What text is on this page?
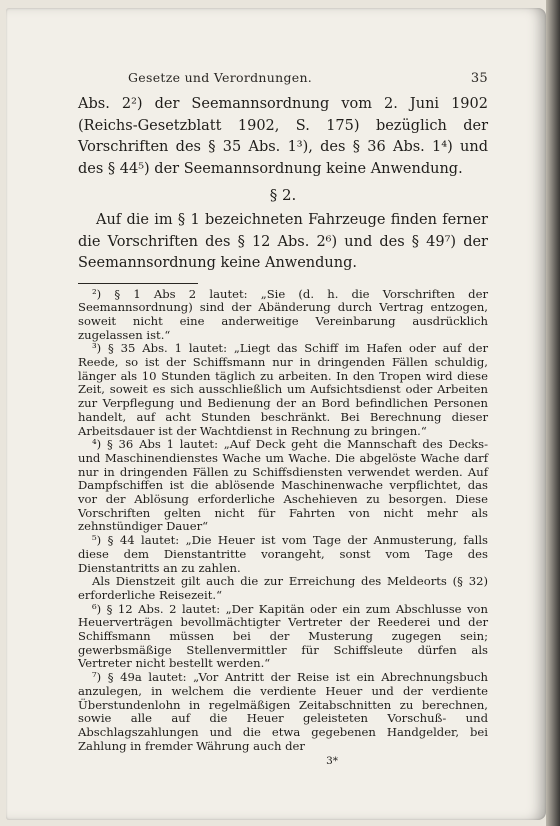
Gesetze und Verordnungen.	35

Abs. 2²) der Seemannsordnung vom 2. Juni 1902 (Reichs-Gesetzblatt 1902, S. 175) bezüglich der Vorschriften des § 35 Abs. 1³), des § 36 Abs. 1⁴) und des § 44⁵) der Seemannsordnung keine Anwendung.

§ 2.

Auf die im § 1 bezeichneten Fahrzeuge finden ferner die Vorschriften des § 12 Abs. 2⁶) und des § 49⁷) der Seemannsordnung keine Anwendung.

²) § 1 Abs 2 lautet: „Sie (d. h. die Vorschriften der Seemannsordnung) sind der Abänderung durch Vertrag entzogen, soweit nicht eine anderweitige Vereinbarung ausdrücklich zugelassen ist.“

³) § 35 Abs. 1 lautet: „Liegt das Schiff im Hafen oder auf der Reede, so ist der Schiffsmann nur in dringenden Fällen schuldig, länger als 10 Stunden täglich zu arbeiten. In den Tropen wird diese Zeit, soweit es sich ausschließlich um Aufsichtsdienst oder Arbeiten zur Verpflegung und Bedienung der an Bord befindlichen Personen handelt, auf acht Stunden beschränkt. Bei Berechnung dieser Arbeitsdauer ist der Wachtdienst in Rechnung zu bringen.“

⁴) § 36 Abs 1 lautet: „Auf Deck geht die Mannschaft des Decks- und Maschinendienstes Wache um Wache. Die abgelöste Wache darf nur in dringenden Fällen zu Schiffsdiensten verwendet werden. Auf Dampfschiffen ist die ablösende Maschinenwache verpflichtet, das vor der Ablösung erforderliche Aschehieven zu besorgen. Diese Vorschriften gelten nicht für Fahrten von nicht mehr als zehnstündiger Dauer“

⁵) § 44 lautet: „Die Heuer ist vom Tage der Anmusterung, falls diese dem Dienstantritte vorangeht, sonst vom Tage des Dienstantritts an zu zahlen.

Als Dienstzeit gilt auch die zur Erreichung des Meldeorts (§ 32) erforderliche Reisezeit.“

⁶) § 12 Abs. 2 lautet: „Der Kapitän oder ein zum Abschlusse von Heuerverträgen bevollmächtigter Vertreter der Reederei und der Schiffsmann müssen bei der Musterung zugegen sein; gewerbsmäßige Stellenvermittler für Schiffsleute dürfen als Vertreter nicht bestellt werden.“

⁷) § 49a lautet: „Vor Antritt der Reise ist ein Abrechnungsbuch anzulegen, in welchem die verdiente Heuer und der verdiente Überstundenlohn in regelmäßigen Zeitabschnitten zu berechnen, sowie alle auf die Heuer geleisteten Vorschuß- und Abschlagszahlungen und die etwa gegebenen Handgelder, bei Zahlung in fremder Währung auch der

3*
